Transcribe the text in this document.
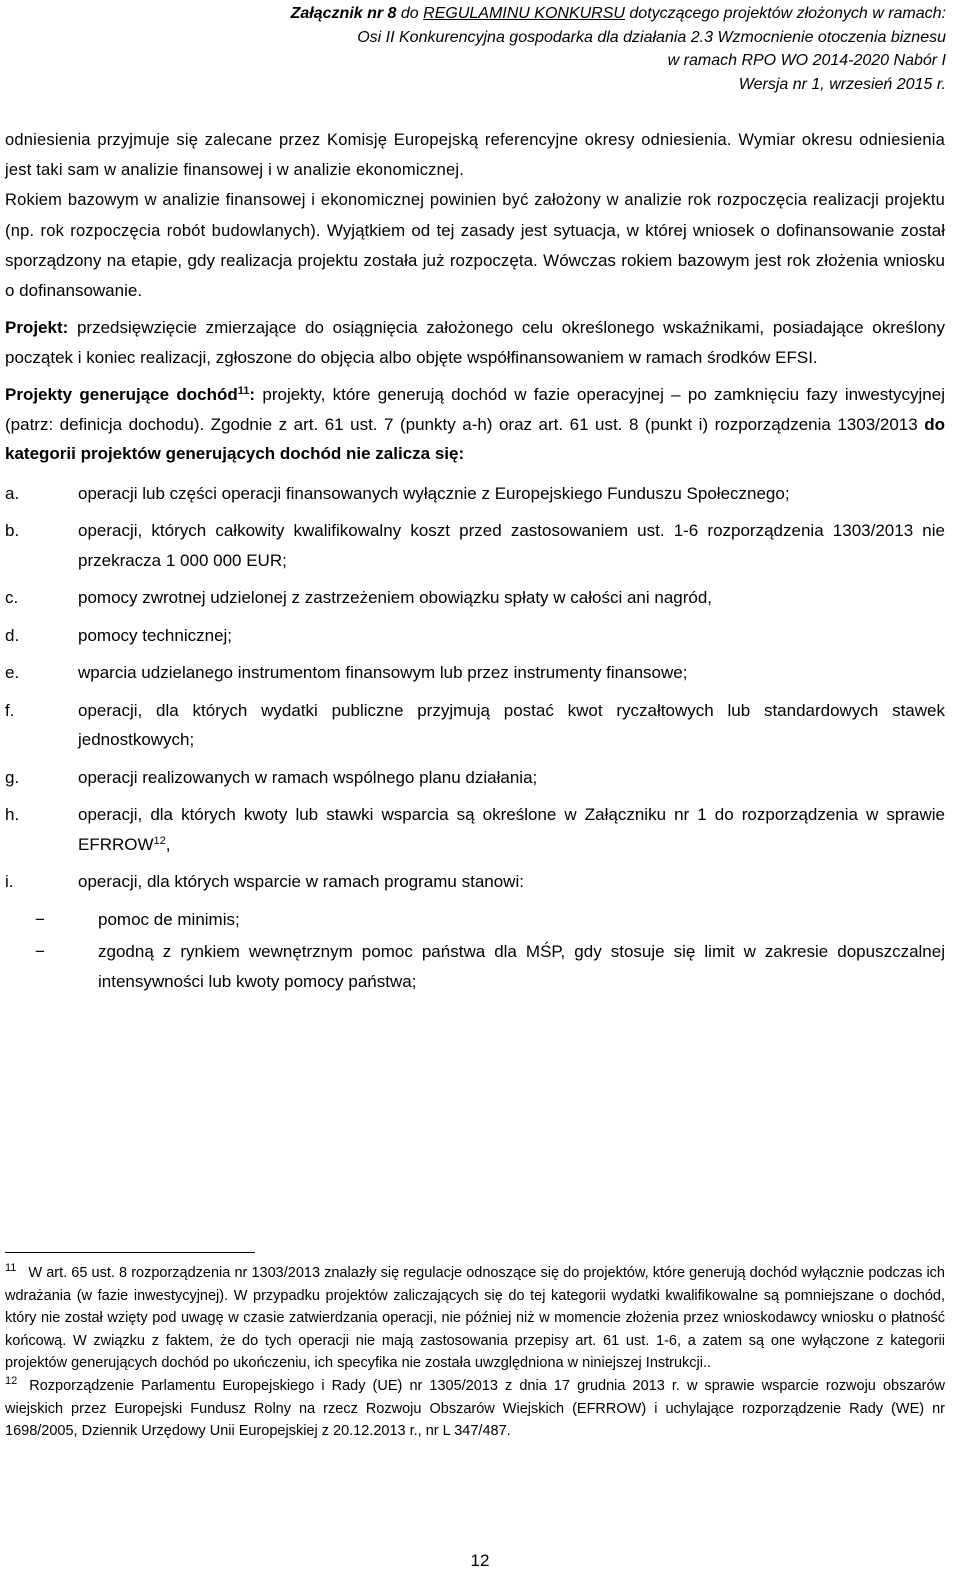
Załącznik nr 8 do REGULAMINU KONKURSU dotyczącego projektów złożonych w ramach:
Osi II Konkurencyjna gospodarka dla działania 2.3 Wzmocnienie otoczenia biznesu
w ramach RPO WO 2014-2020 Nabór I
Wersja nr 1, wrzesień 2015 r.

odniesienia przyjmuje się zalecane przez Komisję Europejską referencyjne okresy odniesienia. Wymiar okresu odniesienia jest taki sam w analizie finansowej i w analizie ekonomicznej.

Rokiem bazowym w analizie finansowej i ekonomicznej powinien być założony w analizie rok rozpoczęcia realizacji projektu (np. rok rozpoczęcia robót budowlanych). Wyjątkiem od tej zasady jest sytuacja, w której wniosek o dofinansowanie został sporządzony na etapie, gdy realizacja projektu została już rozpoczęta. Wówczas rokiem bazowym jest rok złożenia wniosku o dofinansowanie.

Projekt: przedsięwzięcie zmierzające do osiągnięcia założonego celu określonego wskaźnikami, posiadające określony początek i koniec realizacji, zgłoszone do objęcia albo objęte współfinansowaniem w ramach środków EFSI.

Projekty generujące dochód$^{11}$: projekty, które generują dochód w fazie operacyjnej – po zamknięciu fazy inwestycyjnej (patrz: definicja dochodu). Zgodnie z art. 61 ust. 7 (punkty a-h) oraz art. 61 ust. 8 (punkt i) rozporządzenia 1303/2013 do kategorii projektów generujących dochód nie zalicza się:

a.	operacji lub części operacji finansowanych wyłącznie z Europejskiego Funduszu Społecznego;
b.	operacji, których całkowity kwalifikowalny koszt przed zastosowaniem ust. 1-6 rozporządzenia 1303/2013 nie przekracza 1 000 000 EUR;
c.	pomocy zwrotnej udzielonej z zastrzeżeniem obowiązku spłaty w całości ani nagród,
d.	pomocy technicznej;
e.	wparcia udzielanego instrumentom finansowym lub przez instrumenty finansowe;
f.	operacji, dla których wydatki publiczne przyjmują postać kwot ryczałtowych lub standardowych stawek jednostkowych;
g.	operacji realizowanych w ramach wspólnego planu działania;
h.	operacji, dla których kwoty lub stawki wsparcia są określone w Załączniku nr 1 do rozporządzenia w sprawie EFRROW$^{12}$,
i.	operacji, dla których wsparcie w ramach programu stanowi:
−	pomoc de minimis;
−	zgodną z rynkiem wewnętrznym pomoc państwa dla MŚP, gdy stosuje się limit w zakresie dopuszczalnej intensywności lub kwoty pomocy państwa;

$^{11}$ W art. 65 ust. 8 rozporządzenia nr 1303/2013 znalazły się regulacje odnoszące się do projektów, które generują dochód wyłącznie podczas ich wdrażania (w fazie inwestycyjnej). W przypadku projektów zaliczających się do tej kategorii wydatki kwalifikowalne są pomniejszane o dochód, który nie został wzięty pod uwagę w czasie zatwierdzania operacji, nie później niż w momencie złożenia przez wnioskodawcy wniosku o płatność końcową. W związku z faktem, że do tych operacji nie mają zastosowania przepisy art. 61 ust. 1-6, a zatem są one wyłączone z kategorii projektów generujących dochód po ukończeniu, ich specyfika nie została uwzględniona w niniejszej Instrukcji..

$^{12}$ Rozporządzenie Parlamentu Europejskiego i Rady (UE) nr 1305/2013 z dnia 17 grudnia 2013 r. w sprawie wsparcie rozwoju obszarów wiejskich przez Europejski Fundusz Rolny na rzecz Rozwoju Obszarów Wiejskich (EFRROW) i uchylające rozporządzenie Rady (WE) nr 1698/2005, Dziennik Urzędowy Unii Europejskiej z 20.12.2013 r., nr L 347/487.

12
